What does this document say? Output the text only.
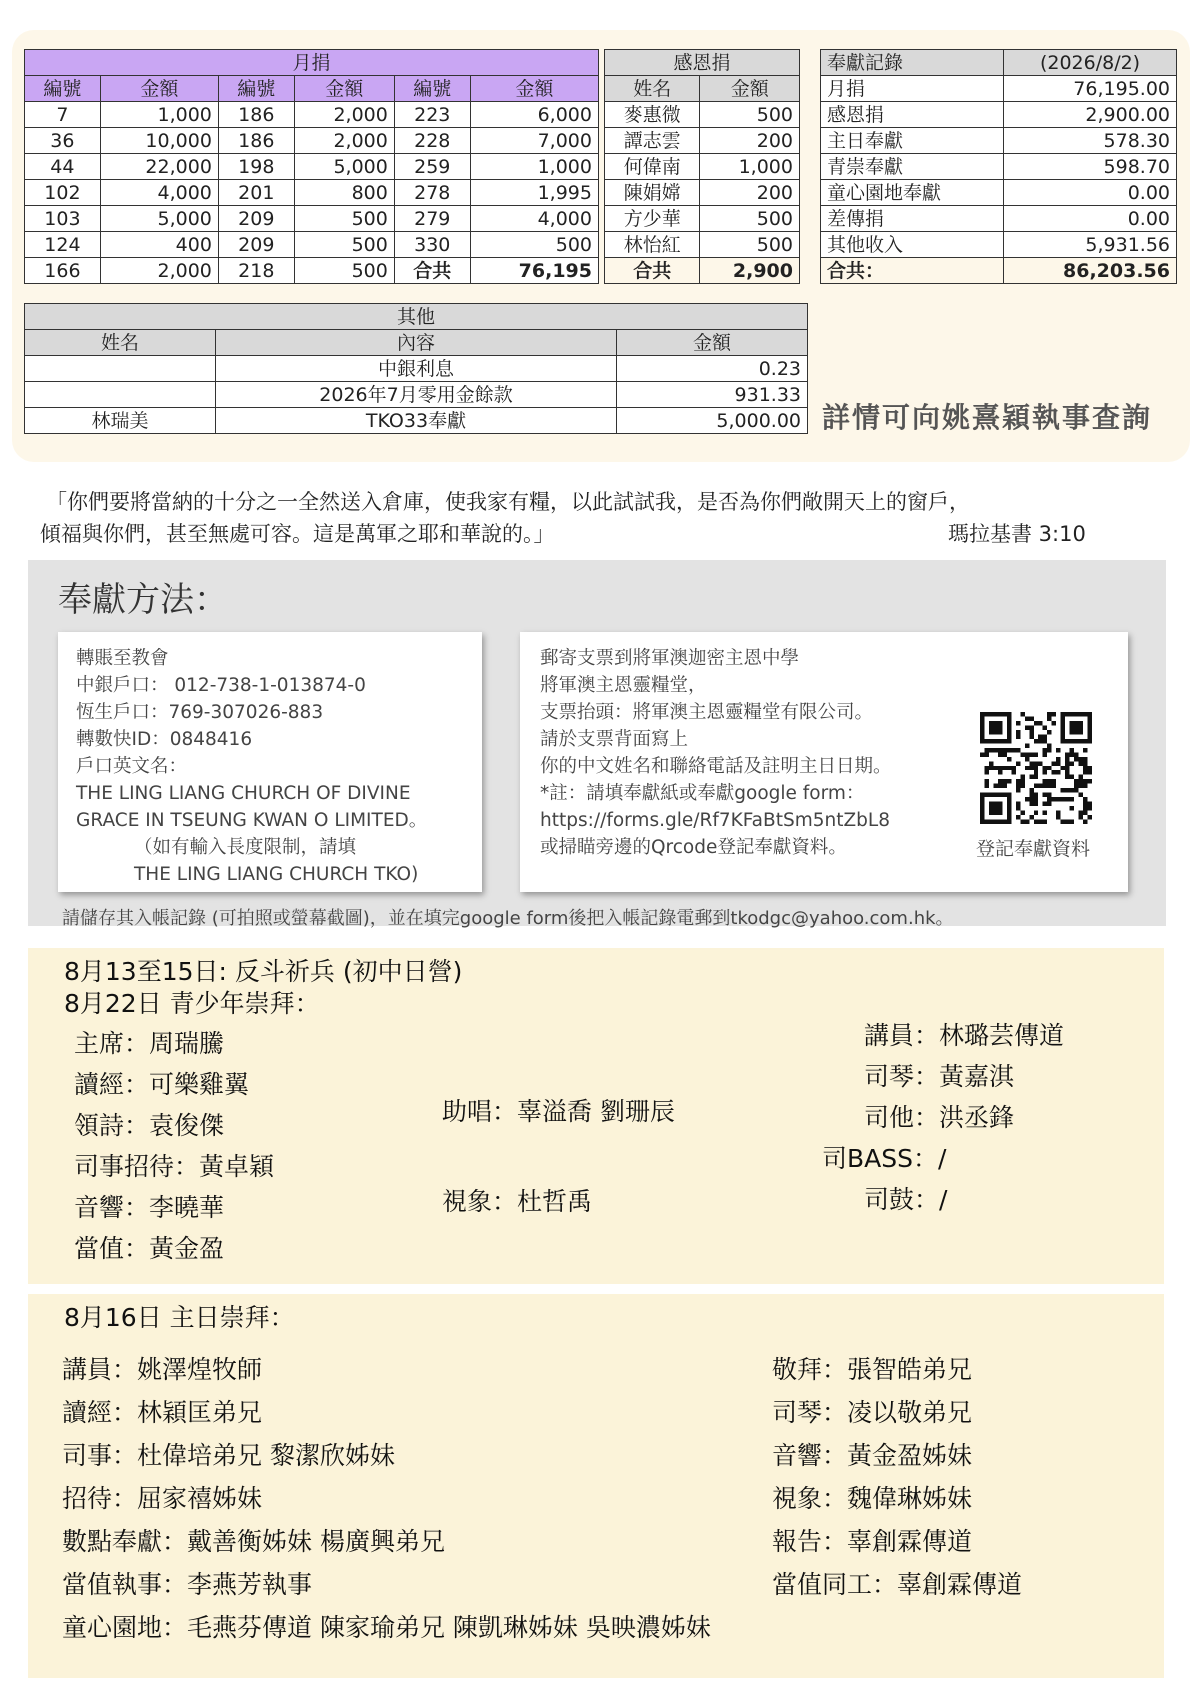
月捐					
編號	金額	編號	金額	編號	金額
7	1,000	186	2,000	223	6,000
36	10,000	186	2,000	228	7,000
44	22,000	198	5,000	259	1,000
102	4,000	201	800	278	1,995
103	5,000	209	500	279	4,000
124	400	209	500	330	500
166	2,000	218	500	合共	76,195
感恩捐	
姓名	金額
麥惠微	500
譚志雲	200
何偉南	1,000
陳娟嫦	200
方少華	500
林怡紅	500
合共	2,900
奉獻記錄	(2026/8/2)
月捐	76,195.00
感恩捐	2,900.00
主日奉獻	578.30
青崇奉獻	598.70
童心園地奉獻	0.00
差傳捐	0.00
其他收入	5,931.56
合共：	86,203.56
其他		
姓名	內容	金額
	中銀利息	0.23
	2026年7月零用金餘款	931.33
林瑞美	TKO33奉獻	5,000.00 詳情可向姚熹穎執事查詢
「你們要將當納的十分之一全然送入倉庫，使我家有糧，以此試試我，是否為你們敞開天上的窗戶，
傾福與你們，甚至無處可容。這是萬軍之耶和華說的。」	瑪拉基書 3:10
奉獻方法：
轉賬至教會
中銀戶口： 012-738-1-013874-0
恆生戶口：769-307026-883
轉數快ID：0848416
戶口英文名：
THE LING LIANG CHURCH OF DIVINE
GRACE IN TSEUNG KWAN O LIMITED。
（如有輸入長度限制，請填
THE LING LIANG CHURCH TKO)
郵寄支票到將軍澳迦密主恩中學
將軍澳主恩靈糧堂，
支票抬頭：將軍澳主恩靈糧堂有限公司。
請於支票背面寫上
你的中文姓名和聯絡電話及註明主日日期。
*註：請填奉獻紙或奉獻google form：
https://forms.gle/Rf7KFaBtSm5ntZbL8
或掃瞄旁邊的Qrcode登記奉獻資料。	登記奉獻資料
請儲存其入帳記錄 (可拍照或螢幕截圖)，並在填完google form後把入帳記錄電郵到tkodgc@yahoo.com.hk。
8月13至15日: 反斗祈兵 (初中日營)
8月22日 青少年崇拜：
主席：周瑞騰
讀經：可樂雞翼
領詩：袁俊傑
司事招待：黃卓穎
音響：李曉華
當值：黃金盈
助唱：辜溢喬 劉珊辰
視象：杜哲禹
講員：林璐芸傳道
司琴：黃嘉淇
司他：洪丞鋒
司BASS：/
司鼓：/
8月16日 主日崇拜：
講員：姚澤煌牧師
讀經：林穎匡弟兄
司事：杜偉培弟兄 黎潔欣姊妹
招待：屈家禧姊妹
數點奉獻：戴善衡姊妹 楊廣興弟兄
當值執事：李燕芳執事
童心園地：毛燕芬傳道 陳家瑜弟兄 陳凱琳姊妹 吳映濃姊妹
敬拜：張智皓弟兄
司琴：凌以敬弟兄
音響：黃金盈姊妹
視象：魏偉琳姊妹
報告：辜創霖傳道
當值同工：辜創霖傳道
